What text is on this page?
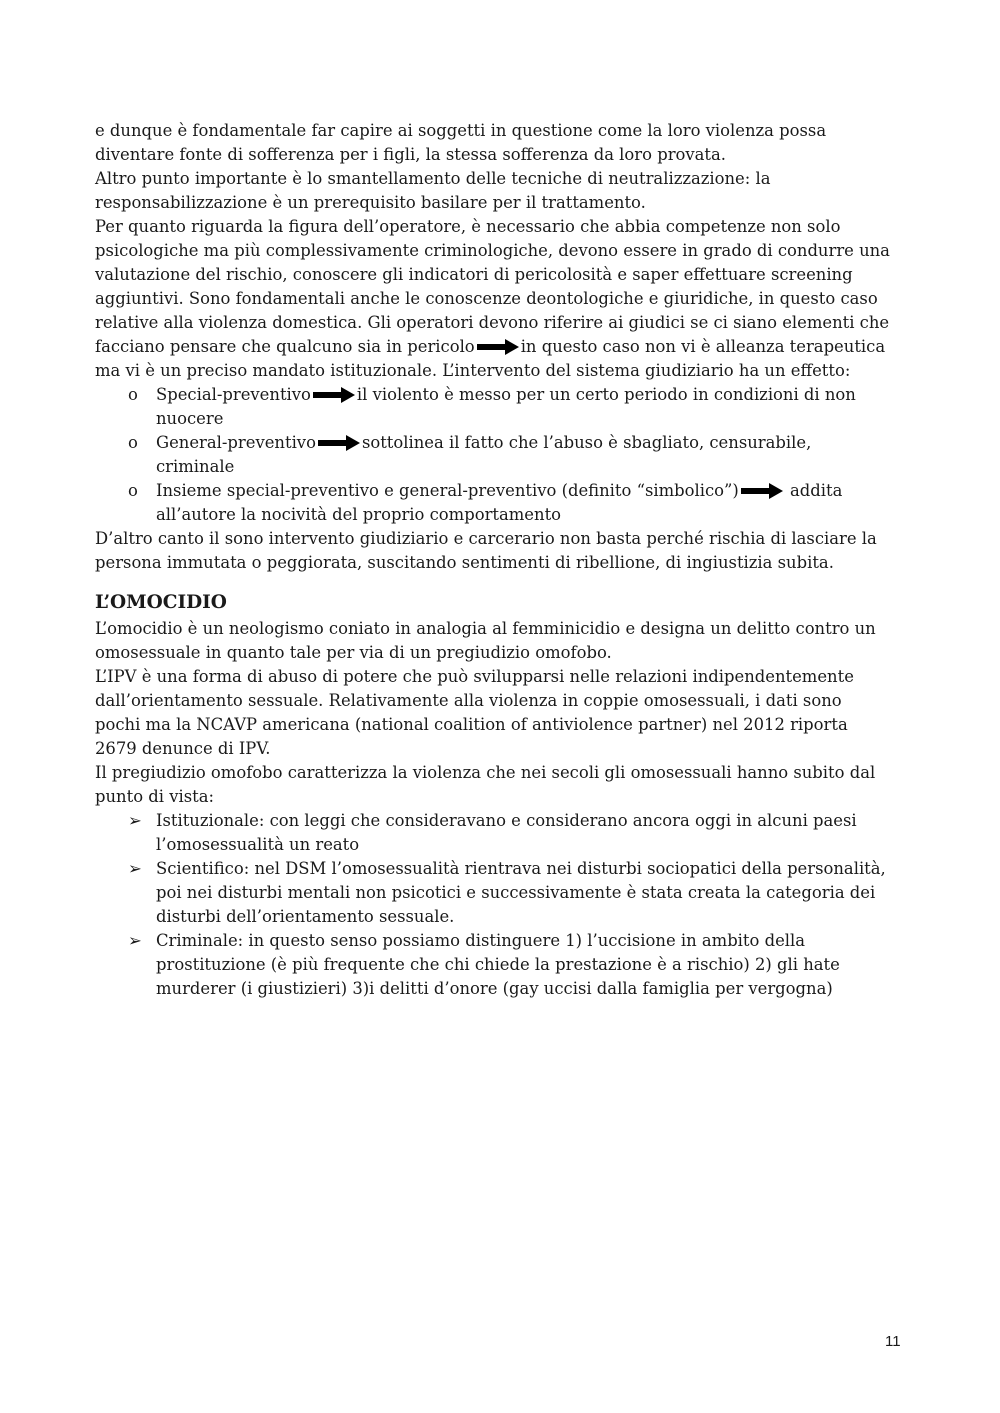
e dunque è fondamentale far capire ai soggetti in questione come la loro violenza possa
diventare fonte di sofferenza per i figli, la stessa sofferenza da loro provata.
Altro punto importante è lo smantellamento delle tecniche di neutralizzazione: la
responsabilizzazione è un prerequisito basilare per il trattamento.
Per quanto riguarda la figura dell’operatore, è necessario che abbia competenze non solo
psicologiche ma più complessivamente criminologiche, devono essere in grado di condurre una
valutazione del rischio, conoscere gli indicatori di pericolosità e saper effettuare screening
aggiuntivi. Sono fondamentali anche le conoscenze deontologiche e giuridiche, in questo caso
relative alla violenza domestica. Gli operatori devono riferire ai giudici se ci siano elementi che
facciano pensare che qualcuno sia in pericolo	in questo caso non vi è alleanza terapeutica
ma vi è un preciso mandato istituzionale. L’intervento del sistema giudiziario ha un effetto:
o Special-preventivo	il violento è messo per un certo periodo in condizioni di non
nuocere
o General-preventivo	sottolinea il fatto che l’abuso è sbagliato, censurabile,
criminale
o Insieme special-preventivo e general-preventivo (definito “simbolico”)	addita
all’autore la nocività del proprio comportamento
D’altro canto il sono intervento giudiziario e carcerario non basta perché rischia di lasciare la
persona immutata o peggiorata, suscitando sentimenti di ribellione, di ingiustizia subita.
L’OMOCIDIO
L’omocidio è un neologismo coniato in analogia al femminicidio e designa un delitto contro un
omosessuale in quanto tale per via di un pregiudizio omofobo.
L’IPV è una forma di abuso di potere che può svilupparsi nelle relazioni indipendentemente
dall’orientamento sessuale. Relativamente alla violenza in coppie omosessuali, i dati sono
pochi ma la NCAVP americana (national coalition of antiviolence partner) nel 2012 riporta
2679 denunce di IPV.
Il pregiudizio omofobo caratterizza la violenza che nei secoli gli omosessuali hanno subito dal
punto di vista:
➢ Istituzionale: con leggi che consideravano e considerano ancora oggi in alcuni paesi
l’omosessualità un reato
➢ Scientifico: nel DSM l’omosessualità rientrava nei disturbi sociopatici della personalità,
poi nei disturbi mentali non psicotici e successivamente è stata creata la categoria dei
disturbi dell’orientamento sessuale.
➢ Criminale: in questo senso possiamo distinguere 1) l’uccisione in ambito della
prostituzione (è più frequente che chi chiede la prestazione è a rischio) 2) gli hate
murderer (i giustizieri) 3)i delitti d’onore (gay uccisi dalla famiglia per vergogna)
11
